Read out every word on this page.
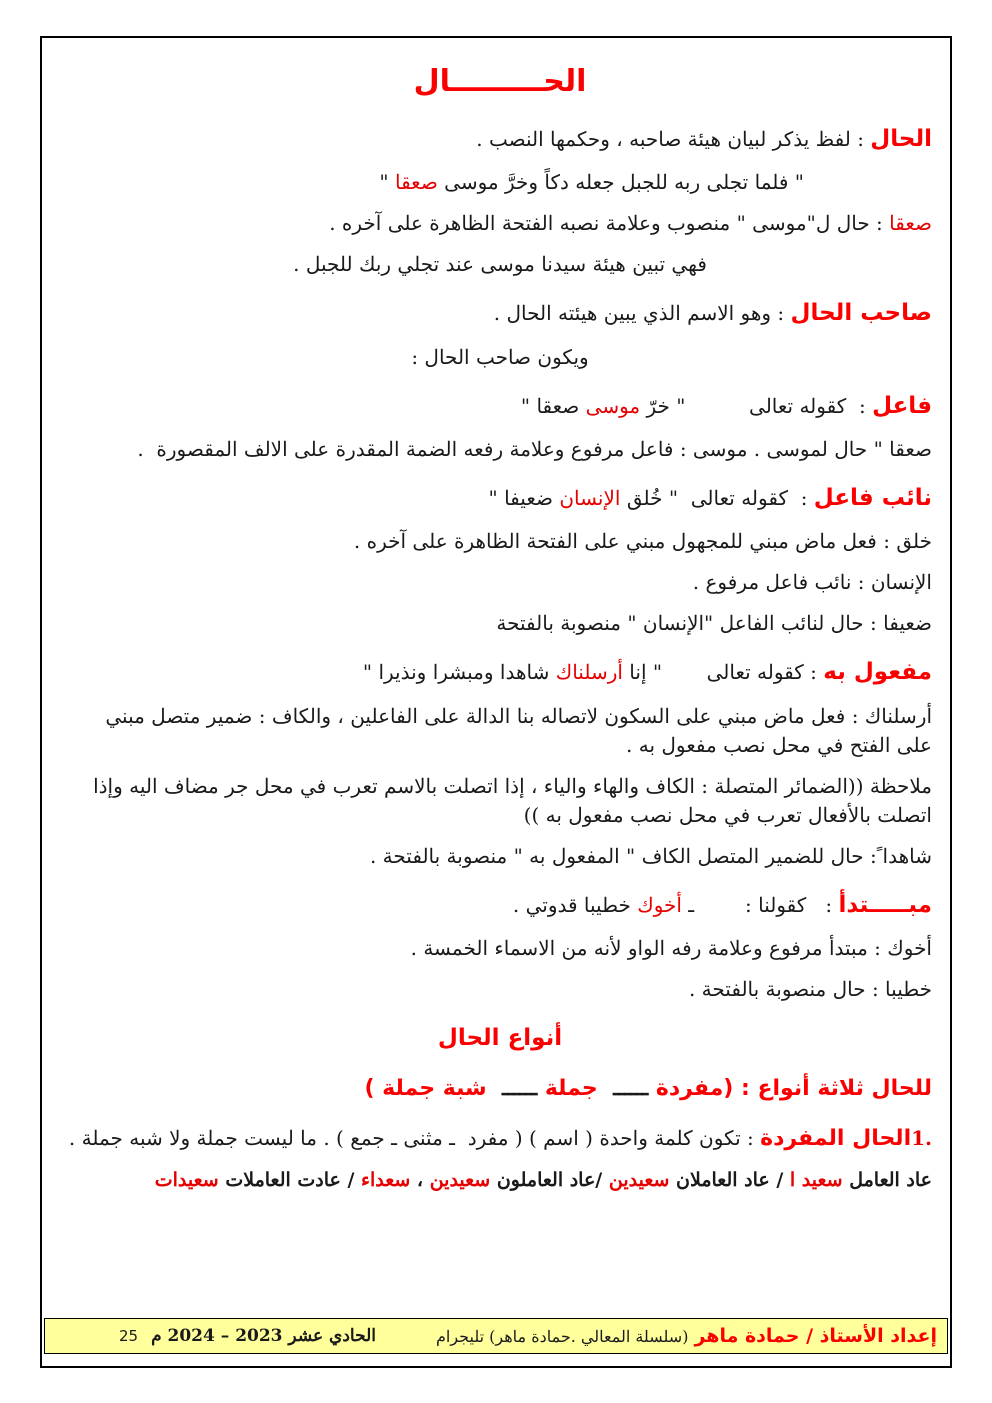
الحـــــــــال
الحال : لفظ يذكر لبيان هيئة صاحبه ، وحكمها النصب .
" فلما تجلى ربه للجبل جعله دكاً وخرَّ موسى صعقا "
صعقا : حال ل"موسى " منصوب وعلامة نصبه الفتحة الظاهرة على آخره .
فهي تبين هيئة سيدنا موسى عند تجلي ربك للجبل .
صاحب الحال : وهو الاسم الذي يبين هيئته الحال .
ويكون صاحب الحال :
فاعل :  كقوله تعالى          " خرّ موسى صعقا "
صعقا " حال لموسى . موسى : فاعل مرفوع وعلامة رفعه الضمة المقدرة على الالف المقصورة  .
نائب فاعل :  كقوله تعالى  " خُلق الإنسان ضعيفا "
خلق : فعل ماض مبني للمجهول مبني على الفتحة الظاهرة على آخره .
الإنسان : نائب فاعل مرفوع .
ضعيفا : حال لنائب الفاعل "الإنسان " منصوبة بالفتحة
مفعول به : كقوله تعالى       " إنا أرسلناك شاهدا ومبشرا ونذيرا "
أرسلناك : فعل ماض مبني على السكون لاتصاله بنا الدالة على الفاعلين ، والكاف : ضمير متصل مبني على الفتح في محل نصب مفعول به .
ملاحظة ((الضمائر المتصلة : الكاف والهاء والياء ، إذا اتصلت بالاسم تعرب في محل جر مضاف اليه وإذا اتصلت بالأفعال تعرب في محل نصب مفعول به ))
شاهدا ً: حال للضمير المتصل الكاف " المفعول به " منصوبة بالفتحة .
مبـــــتدأ :   كقولنا :        ـ أخوك خطيبا قدوتي .
أخوك : مبتدأ مرفوع وعلامة رفه الواو لأنه من الاسماء الخمسة .
خطيبا : حال منصوبة بالفتحة .
أنواع الحال
للحال ثلاثة أنواع : (مفردة ــــــ  جملة ــــــ  شبة جملة )
1.الحال المفردة : تكون كلمة واحدة ( اسم ) ( مفرد  ـ مثنى ـ جمع ) . ما ليست جملة ولا شبه جملة .
عاد العامل سعيد ا / عاد العاملان سعيدين /عاد العاملون سعيدين ، سعداء / عادت العاملات سعيدات
إعداد الأستاذ / حمادة ماهر
(سلسلة المعالي .حمادة ماهر) تليجرام
الحادي عشر 2023 – 2024 م
25
